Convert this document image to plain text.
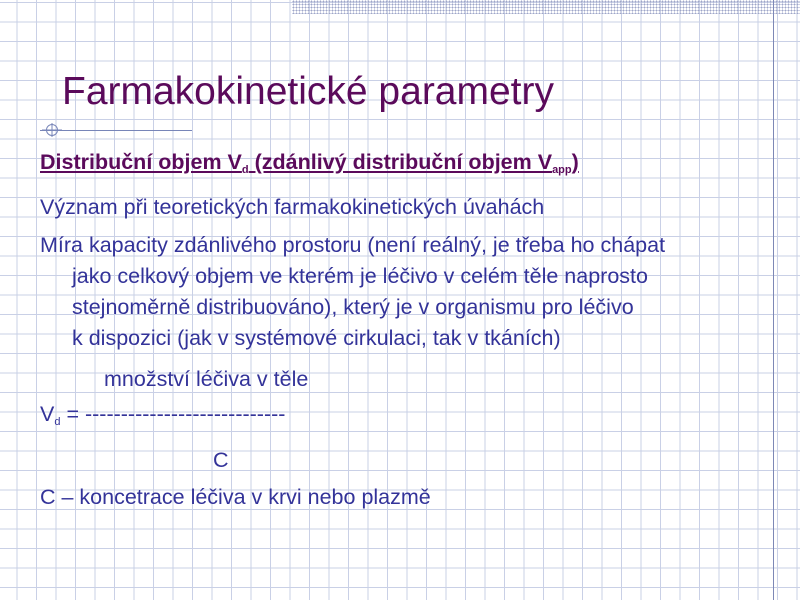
Farmakokinetické parametry
Distribuční objem $V_d$ (zdánlivý distribuční objem $V_{app}$)
Význam při teoretických farmakokinetických úvahách
Míra kapacity zdánlivého prostoru (není reálný, je třeba ho chápat
jako celkový objem ve kterém je léčivo v celém těle naprosto
stejnoměrně distribuováno), který je v organismu pro léčivo
k dispozici (jak v systémové cirkulaci, tak v tkáních)
množství léčiva v těle
$V_d$ = ----------------------------
C
C – koncetrace léčiva v krvi nebo plazmě
